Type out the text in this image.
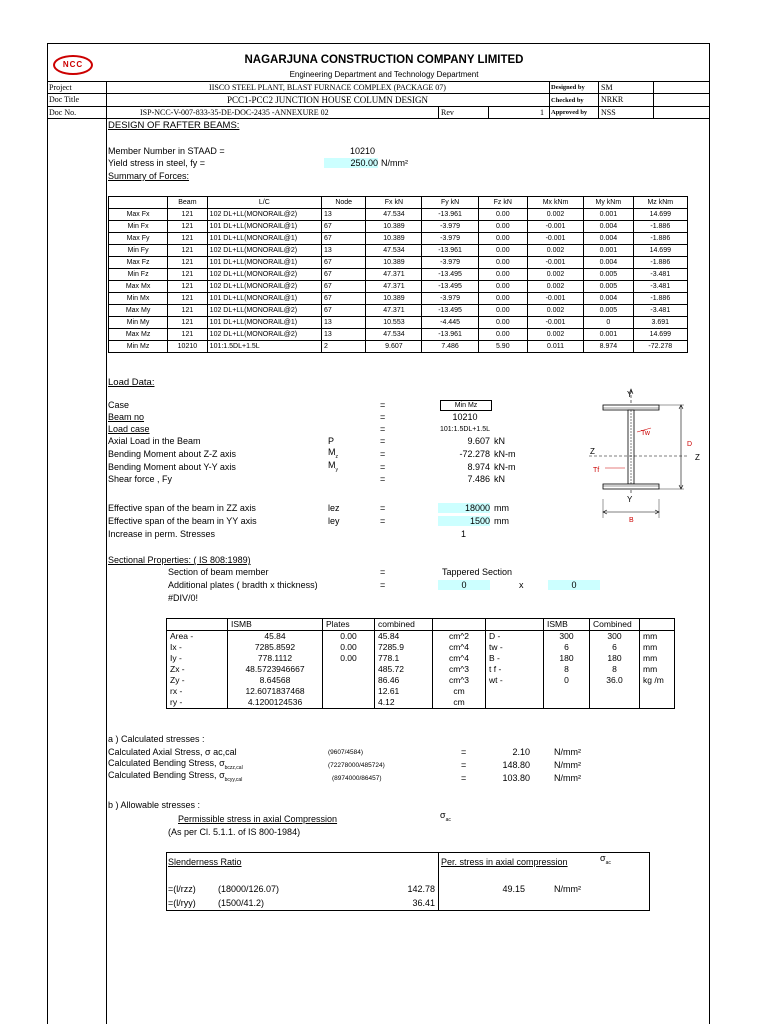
NCC	NAGARJUNA CONSTRUCTION COMPANY LIMITED
Engineering Department and Technology Department
Project	IISCO STEEL PLANT, BLAST FURNACE COMPLEX (PACKAGE 07)
Doc Title	PCC1-PCC2 JUNCTION HOUSE COLUMN DESIGN
Doc No.	ISP-NCC-V-007-833-35-DE-DOC-2435 -ANNEXURE 02	Rev	1
Designed by SM
Checked by NRKR
Approved by NSS
DESIGN OF RAFTER BEAMS:
Member Number in STAAD =	10210
Yield stress in steel, fy =	250.00 N/mm²
Summary of Forces:
	Beam	L/C	Node	Fx kN	Fy kN	Fz kN	Mx kNm	My kNm	Mz kNm
Max Fx	121	102 DL+LL(MONORAIL@2)	13	47.534	-13.961	0.00	0.002	0.001	14.699
Min Fx	121	101 DL+LL(MONORAIL@1)	67	10.389	-3.979	0.00	-0.001	0.004	-1.886
Max Fy	121	101 DL+LL(MONORAIL@1)	67	10.389	-3.979	0.00	-0.001	0.004	-1.886
Min Fy	121	102 DL+LL(MONORAIL@2)	13	47.534	-13.961	0.00	0.002	0.001	14.699
Max Fz	121	101 DL+LL(MONORAIL@1)	67	10.389	-3.979	0.00	-0.001	0.004	-1.886
Min Fz	121	102 DL+LL(MONORAIL@2)	67	47.371	-13.495	0.00	0.002	0.005	-3.481
Max Mx	121	102 DL+LL(MONORAIL@2)	67	47.371	-13.495	0.00	0.002	0.005	-3.481
Min Mx	121	101 DL+LL(MONORAIL@1)	67	10.389	-3.979	0.00	-0.001	0.004	-1.886
Max My	121	102 DL+LL(MONORAIL@2)	67	47.371	-13.495	0.00	0.002	0.005	-3.481
Min My	121	101 DL+LL(MONORAIL@1)	13	10.553	-4.445	0.00	-0.001	0	3.691
Max Mz	121	102 DL+LL(MONORAIL@2)	13	47.534	-13.961	0.00	0.002	0.001	14.699
Min Mz	10210	101:1.5DL+1.5L	2	9.607	7.486	5.90	0.011	8.974	-72.278
Load Data:
Case	=	Min Mz
Beam no	=	10210
Load case	=	101:1.5DL+1.5L
Axial Load in the Beam	P	=	9.607 kN
Bending Moment about Z-Z axis	$M_z$	=	-72.278 kN-m
Bending Moment about Y-Y axis	$M_y$	=	8.974 kN-m
Shear force , Fy	=	7.486 kN
Effective span of the beam in ZZ axis	lez	=	18000 mm
Effective span of the beam in YY axis	ley	=	1500 mm
Increase in perm. Stresses	1
Y
Y
Z
Z
Tw
Tf
D
B
Sectional Properties: ( IS 808:1989)
Section of beam member	=	Tappered Section
Additional plates ( bradth x thickness)	=	0	x	0
#DIV/0!
	ISMB	Plates	combined			ISMB	Combined	
Area -	45.84	0.00	45.84	cm^2	D -	300	300	mm
Ix -	7285.8592	0.00	7285.9	cm^4	tw -	6	6	mm
Iy -	778.1112	0.00	778.1	cm^4	B -	180	180	mm
Zx -	48.5723946667		485.72	cm^3	t f -	8	8	mm
Zy -	8.64568		86.46	cm^3	wt -	0	36.0	kg /m
rx -	12.6071837468		12.61	cm				
ry -	4.1200124536		4.12	cm				
a ) Calculated stresses :
Calculated Axial Stress, σ ac,cal	(9607/4584)	=	2.10	N/mm²
Calculated Bending Stress, $\sigma_{bczz,cal}$	(72278000/485724)	=	148.80	N/mm²
Calculated Bending Stress, $\sigma_{bcyy,cal}$	(8974000/86457)	=	103.80	N/mm²
b ) Allowable stresses :
Permissible stress in axial Compression	$\sigma_{ac}$
(As per Cl. 5.1.1. of IS 800-1984)
Slenderness Ratio	Per. stress in axial compression	$\sigma_{ac}$
=(l/rzz) (18000/126.07)	142.78	49.15	N/mm²
=(l/ryy) (1500/41.2)	36.41
